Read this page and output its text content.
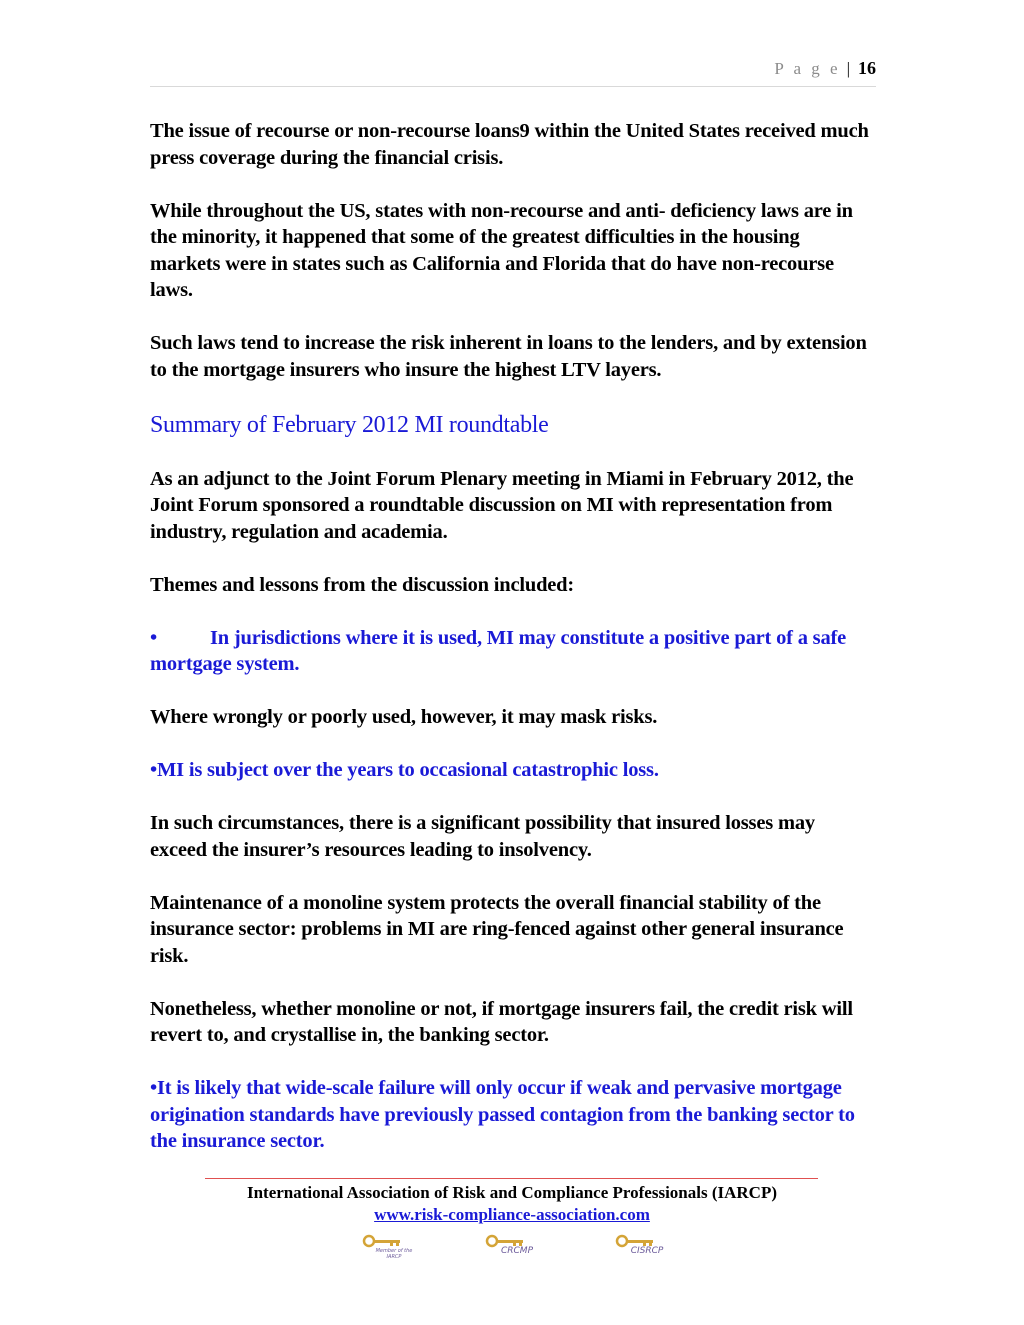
P a g e | 16

The issue of recourse or non-recourse loans9 within the United States received much press coverage during the financial crisis.

While throughout the US, states with non-recourse and anti- deficiency laws are in the minority, it happened that some of the greatest difficulties in the housing markets were in states such as California and Florida that do have non-recourse laws.

Such laws tend to increase the risk inherent in loans to the lenders, and by extension to the mortgage insurers who insure the highest LTV layers.

Summary of February 2012 MI roundtable

As an adjunct to the Joint Forum Plenary meeting in Miami in February 2012, the Joint Forum sponsored a roundtable discussion on MI with representation from industry, regulation and academia.

Themes and lessons from the discussion included:

•	In jurisdictions where it is used, MI may constitute a positive part of a safe mortgage system.

Where wrongly or poorly used, however, it may mask risks.

•MI is subject over the years to occasional catastrophic loss.

In such circumstances, there is a significant possibility that insured losses may exceed the insurer’s resources leading to insolvency.

Maintenance of a monoline system protects the overall financial stability of the insurance sector: problems in MI are ring-fenced against other general insurance risk.

Nonetheless, whether monoline or not, if mortgage insurers fail, the credit risk will revert to, and crystallise in, the banking sector.

•It is likely that wide-scale failure will only occur if weak and pervasive mortgage origination standards have previously passed contagion from the banking sector to the insurance sector.

International Association of Risk and Compliance Professionals (IARCP)
www.risk-compliance-association.com
Member of the IARCP
CRCMP	CISRCP
